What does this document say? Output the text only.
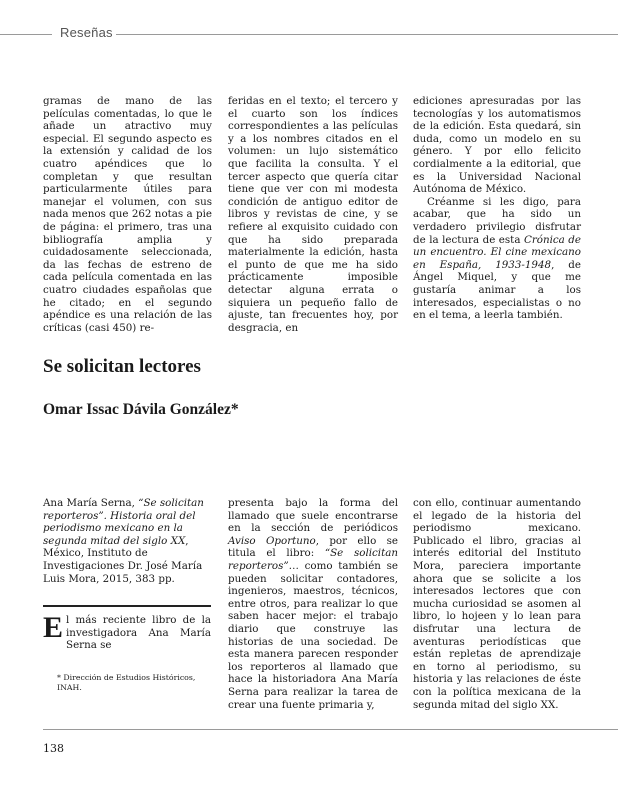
Reseñas

gramas de mano de las películas comentadas, lo que le añade un atractivo muy especial. El segundo aspecto es la extensión y calidad de los cuatro apéndices que lo completan y que resultan particularmente útiles para manejar el volumen, con sus nada menos que 262 notas a pie de página: el primero, tras una bibliografía amplia y cuidadosamente seleccionada, da las fechas de estreno de cada película comentada en las cuatro ciudades españolas que he citado; en el segundo apéndice es una relación de las críticas (casi 450) re-

feridas en el texto; el tercero y el cuarto son los índices correspondientes a las películas y a los nombres citados en el volumen: un lujo sistemático que facilita la consulta. Y el tercer aspecto que quería citar tiene que ver con mi modesta condición de antiguo editor de libros y revistas de cine, y se refiere al exquisito cuidado con que ha sido preparada materialmente la edición, hasta el punto de que me ha sido prácticamente imposible detectar alguna errata o siquiera un pequeño fallo de ajuste, tan frecuentes hoy, por desgracia, en

ediciones apresuradas por las tecnologías y los automatismos de la edición. Esta quedará, sin duda, como un modelo en su género. Y por ello felicito cordialmente a la editorial, que es la Universidad Nacional Autónoma de México.

Créanme si les digo, para acabar, que ha sido un verdadero privilegio disfrutar de la lectura de esta Crónica de un encuentro. El cine mexicano en España, 1933-1948, de Ángel Miquel, y que me gustaría animar a los interesados, especialistas o no en el tema, a leerla también.

Se solicitan lectores
Omar Issac Dávila González*

Ana María Serna, “Se solicitan reporteros”. Historia oral del periodismo mexicano en la segunda mitad del siglo XX, México, Instituto de Investigaciones Dr. José María Luis Mora, 2015, 383 pp.

El más reciente libro de la investigadora Ana María Serna se
* Dirección de Estudios Históricos, INAH.

presenta bajo la forma del llamado que suele encontrarse en la sección de periódicos Aviso Oportuno, por ello se titula el libro: “Se solicitan reporteros”… como también se pueden solicitar contadores, ingenieros, maestros, técnicos, entre otros, para realizar lo que saben hacer mejor: el trabajo diario que construye las historias de una sociedad. De esta manera parecen responder los reporteros al llamado que hace la historiadora Ana María Serna para realizar la tarea de crear una fuente primaria y,

con ello, continuar aumentando el legado de la historia del periodismo mexicano. Publicado el libro, gracias al interés editorial del Instituto Mora, pareciera importante ahora que se solicite a los interesados lectores que con mucha curiosidad se asomen al libro, lo hojeen y lo lean para disfrutar una lectura de aventuras periodísticas que están repletas de aprendizaje en torno al periodismo, su historia y las relaciones de éste con la política mexicana de la segunda mitad del siglo XX.

138
